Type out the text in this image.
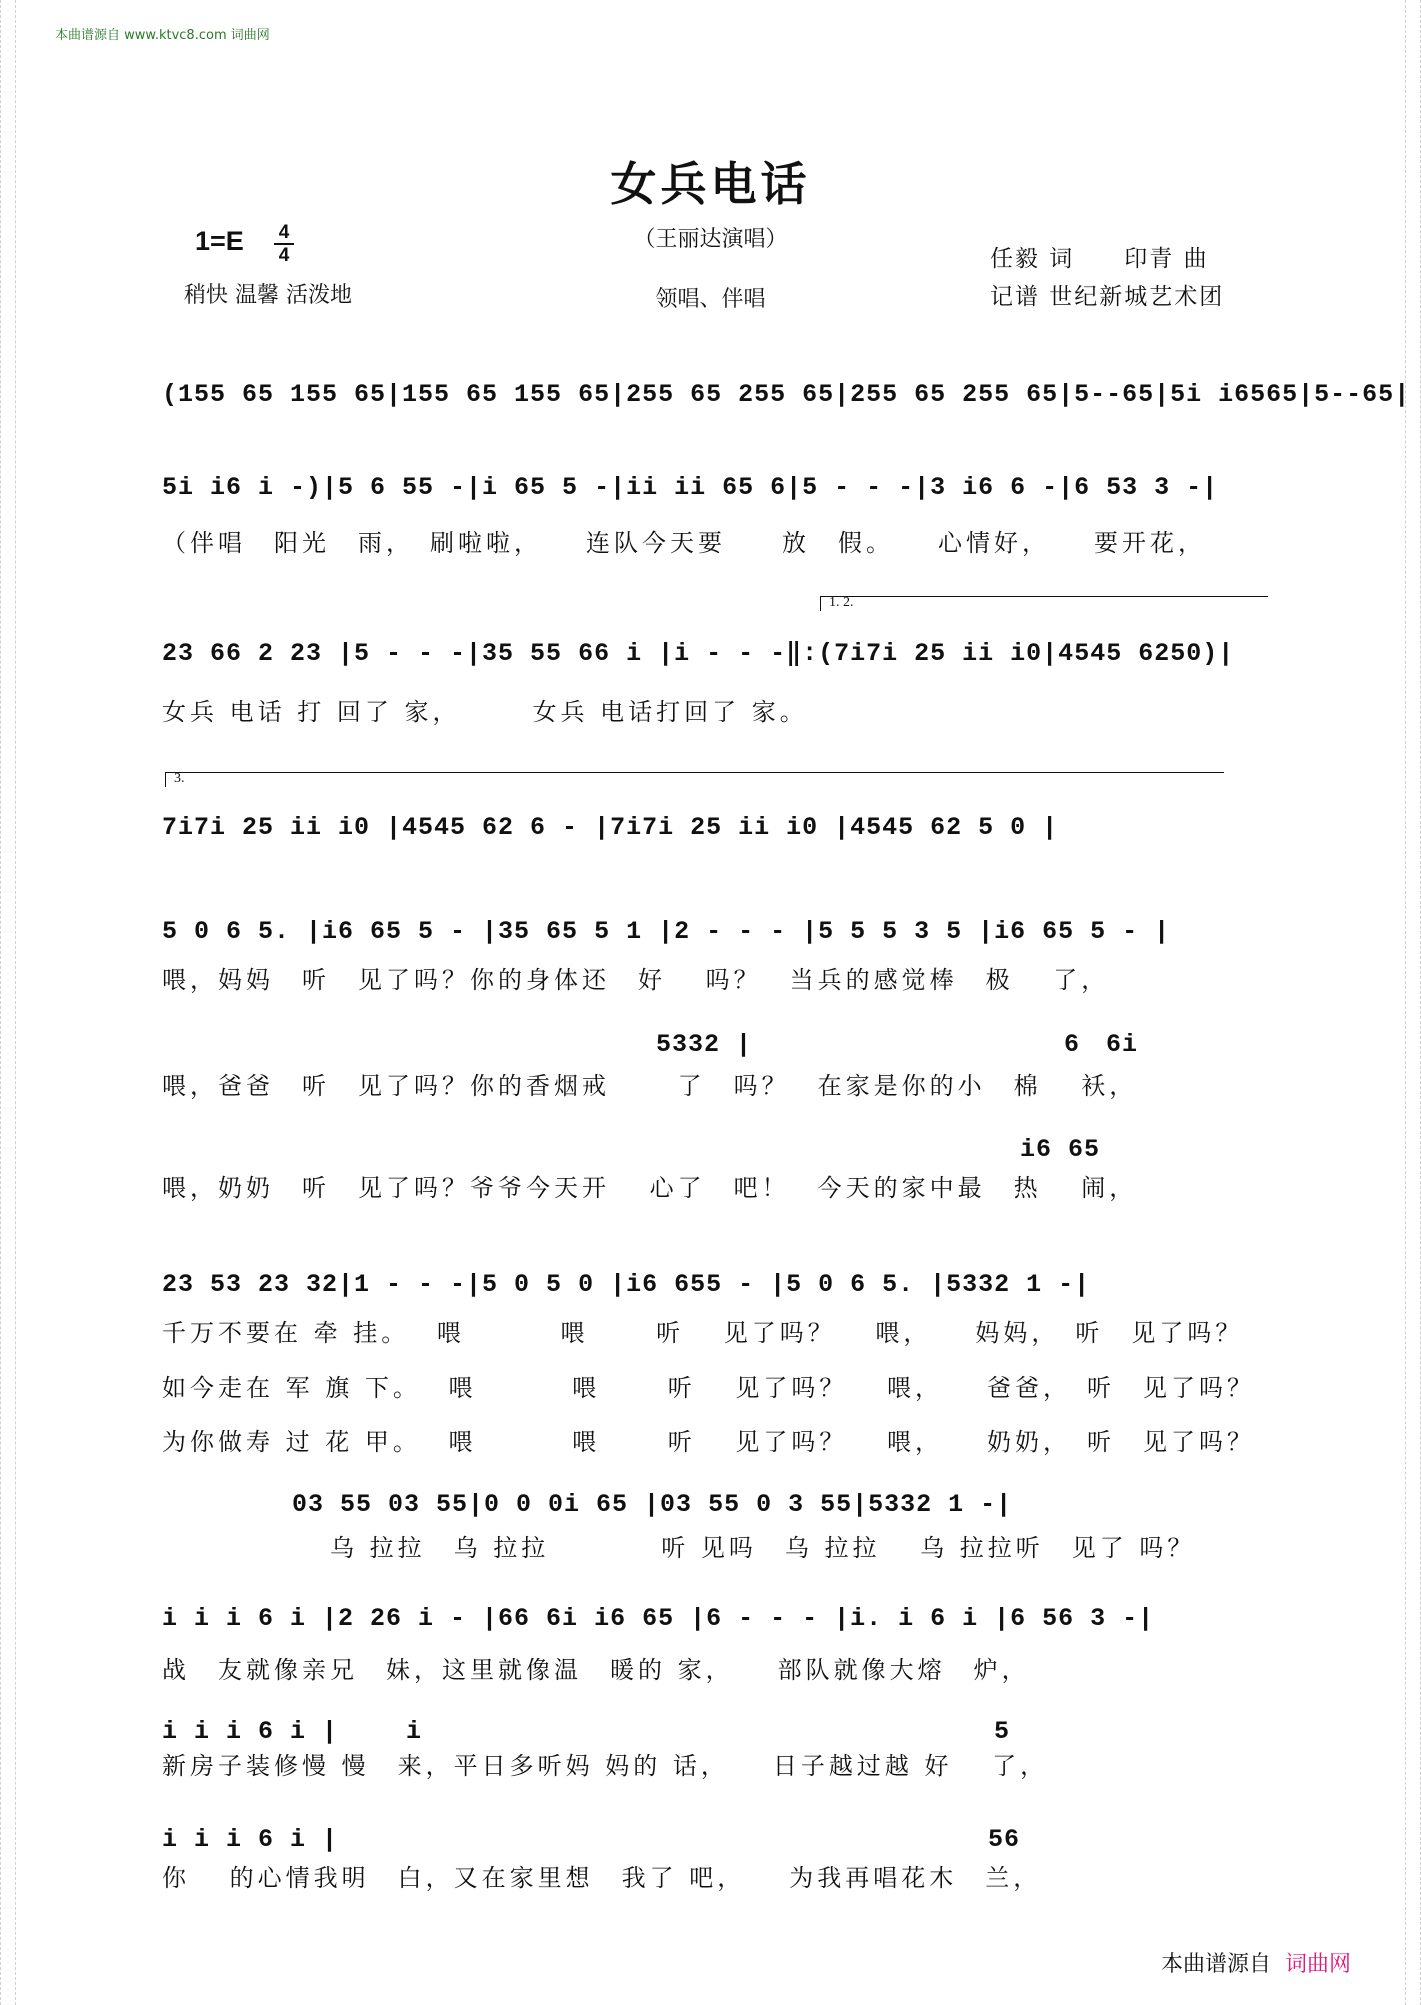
本曲谱源自 www.ktvc8.com 词曲网
女兵电话
（王丽达演唱）
1=E 4
4
稍快 温馨 活泼地	领唱、伴唱
任毅 词　　印青 曲
记谱 世纪新城艺术团
(155 65 155 65|155 65 155 65|255 65 255 65|255 65 255 65|5--65|5i i6565|5--65|
5i i6 i -)|5 6 55 -|i 65 5 -|ii ii 65 6|5 - - -|3 i6 6 -|6 53 3 -|
（伴唱　阳光　雨，　刷啦啦，　　连队今天要　　放　假。　　心情好，　　要开花，
1. 2.
23 66 2 23 |5 - - -|35 55 66 i |i - - -‖:(7i7i 25 ii i0|4545 6250)|
女兵 电话 打 回了 家，　　　女兵 电话打回了 家。
3.
7i7i 25 ii i0 |4545 62 6 - |7i7i 25 ii i0 |4545 62 5 0 |
5 0 6 5. |i6 65 5 - |35 65 5 1 |2 - - - |5 5 5 3 5 |i6 65 5 - |
喂，妈妈　听　见了吗？你的身体还　好　 吗？　当兵的感觉棒　极　 了，
　　　　　　　　　　　　　　　　　　　5332 |　　　　　　　　　　　　6　6i
喂，爸爸　听　见了吗？你的香烟戒　　 了　吗？　在家是你的小　棉　 袄，
　　　　　　　　　　　　　　　　　　　　　　　　　　　　　　　　　i6 65
喂，奶奶　听　见了吗？爷爷今天开　 心了　吧！　今天的家中最　热　 闹，
23 53 23 32|1 - - -|5 0 5 0 |i6 655 - |5 0 6 5. |5332 1 -|
千万不要在 牵 挂。　 喂　　　 喂　　 听　 见了吗？　 喂，　　妈妈，　听　见了吗？
如今走在 军 旗 下。　 喂　　　 喂　　 听　 见了吗？　 喂，　　爸爸，　听　见了吗？
为你做寿 过 花 甲。　 喂　　　 喂　　 听　 见了吗？　 喂，　　奶奶，　听　见了吗？
　　　　　03 55 03 55|0 0 0i 65 |03 55 0 3 55|5332 1 -|
　　　　　　乌 拉拉　乌 拉拉　　　　听 见吗　乌 拉拉　 乌 拉拉听　见了 吗？
i i i 6 i |2 26 i - |66 6i i6 65 |6 - - - |i. i 6 i |6 56 3 -|
战　友就像亲兄　妹，这里就像温　暖的 家，　　部队就像大熔　炉，
i i i 6 i |　　 i　　　　　　　　　　　　　　　　　　　　　　5
新房子装修慢 慢　来，平日多听妈 妈的 话，　　日子越过越 好　 了，
i i i 6 i |　　　　　　　　　　　　　　　　　　　　　　　　　56
你　 的心情我明　白，又在家里想　我了 吧，　　为我再唱花木　兰，
本曲谱源自 词曲网
